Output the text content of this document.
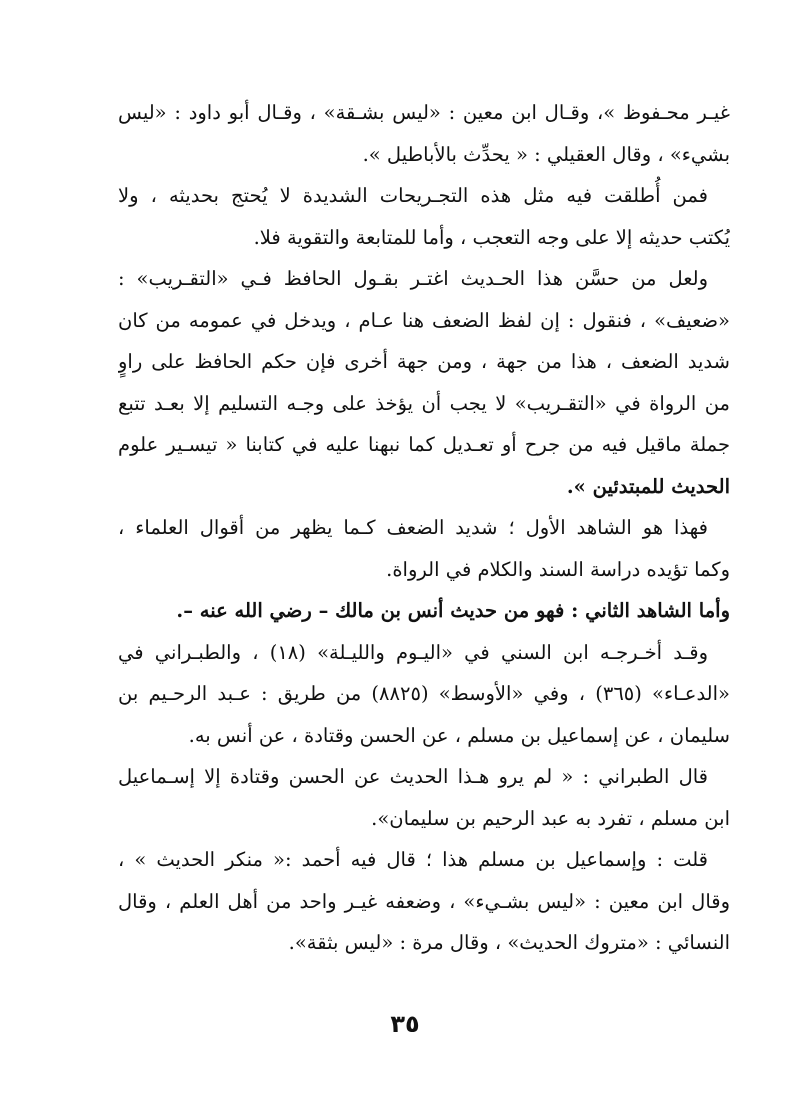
غيـر محـفوظ »، وقـال ابن معين : «ليس بشـقة» ، وقـال أبو داود : «ليس
بشيء» ، وقال العقيلي : « يحدِّث بالأباطيل ».

فمن أُطلقت فيه مثل هذه التجـريحات الشديدة لا يُحتج بحديثه ، ولا

يُكتب حديثه إلا على وجه التعجب ، وأما للمتابعة والتقوية فلا.

ولعل من حسَّن هذا الحـديث اغتـر بقـول الحافظ فـي «التقـريب» :

«ضعيف» ، فنقول : إن لفظ الضعف هنا عـام ، ويدخل في عمومه من كان
شديد الضعف ، هذا من جهة ، ومن جهة أخرى فإن حكم الحافظ على راوٍ
من الرواة في «التقـريب» لا يجب أن يؤخذ على وجـه التسليم إلا بعـد تتبع
جملة ماقيل فيه من جرح أو تعـديل كما نبهنا عليه في كتابنا « تيسـير علوم
الحديث للمبتدئين ».

فهذا هو الشاهد الأول ؛ شديد الضعف كـما يظهر من أقوال العلماء ،

وكما تؤيده دراسة السند والكلام في الرواة.

وأما الشاهد الثاني : فهو من حديث أنس بن مالك – رضي الله عنه –.

وقـد أخـرجـه ابن السني في «اليـوم والليـلة» (١٨) ، والطبـراني في

«الدعـاء» (٣٦٥) ، وفي «الأوسط» (٨٨٢٥) من طريق : عـبد الرحـيم بن
سليمان ، عن إسماعيل بن مسلم ، عن الحسن وقتادة ، عن أنس به.

قال الطبراني : « لم يرو هـذا الحديث عن الحسن وقتادة إلا إسـماعيل

ابن مسلم ، تفرد به عبد الرحيم بن سليمان».

قلت : وإسماعيل بن مسلم هذا ؛ قال فيه أحمد :« منكر الحديث » ،

وقال ابن معين : «ليس بشـيء» ، وضعفه غيـر واحد من أهل العلم ، وقال
النسائي : «متروك الحديث» ، وقال مرة : «ليس بثقة».

٣٥
